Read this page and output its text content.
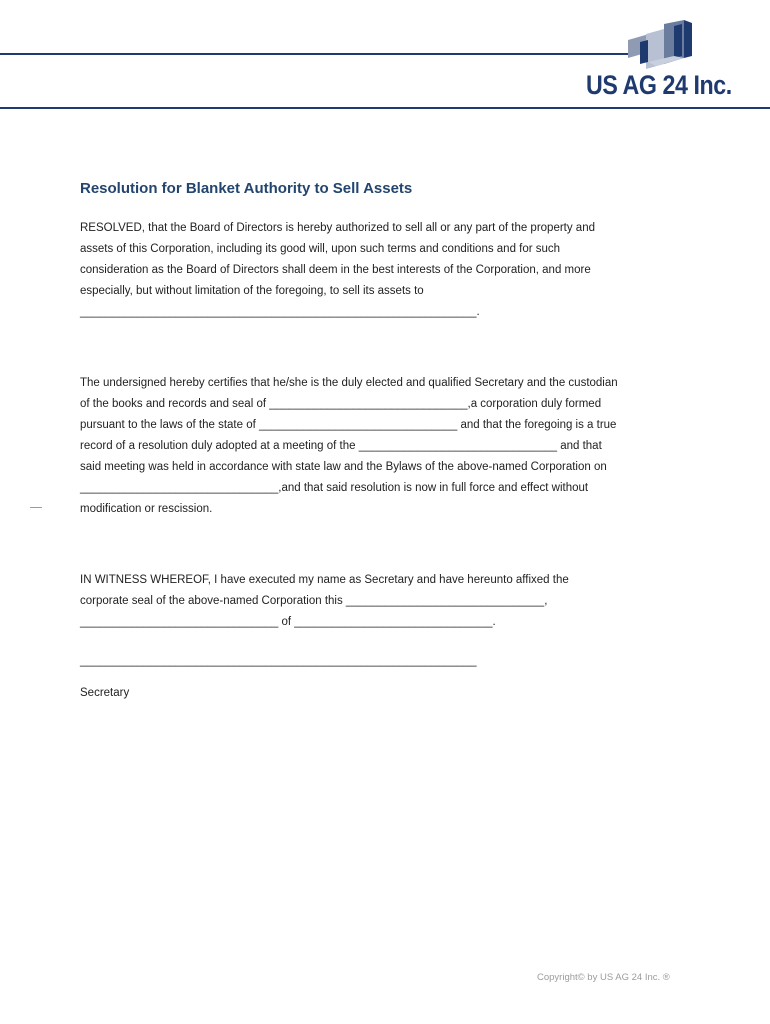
US AG 24 Inc.
Resolution for Blanket Authority to Sell Assets

RESOLVED, that the Board of Directors is hereby authorized to sell all or any part of the property and
assets of this Corporation, including its good will, upon such terms and conditions and for such
consideration as the Board of Directors shall deem in the best interests of the Corporation, and more
especially, but without limitation of the foregoing, to sell its assets to
______________________________________________________________.

The undersigned hereby certifies that he/she is the duly elected and qualified Secretary and the custodian
of the books and records and seal of _______________________________,a corporation duly formed
pursuant to the laws of the state of _______________________________ and that the foregoing is a true
record of a resolution duly adopted at a meeting of the _______________________________ and that
said meeting was held in accordance with state law and the Bylaws of the above-named Corporation on
_______________________________,and that said resolution is now in full force and effect without
modification or rescission.

IN WITNESS WHEREOF, I have executed my name as Secretary and have hereunto affixed the
corporate seal of the above-named Corporation this _______________________________,
_______________________________ of _______________________________.

______________________________________________________________

Secretary

Copyright© by US AG 24 Inc. ®
